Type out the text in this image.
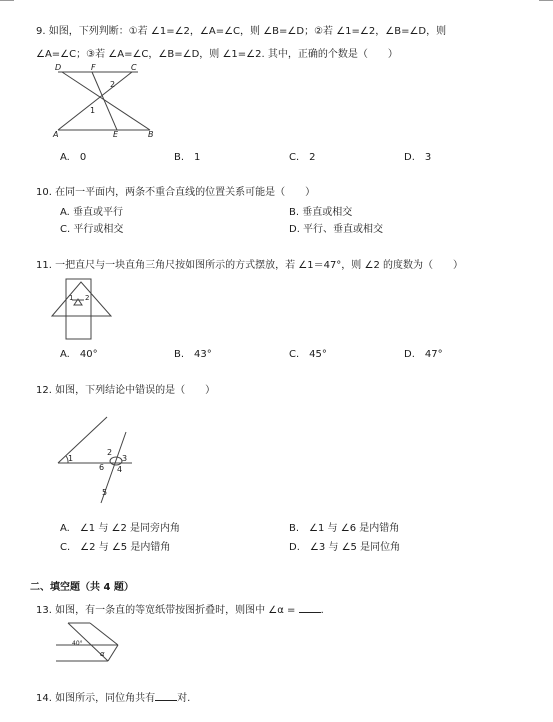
9. 如图，下列判断：①若 ∠1=∠2，∠A=∠C，则 ∠B=∠D；②若 ∠1=∠2，∠B=∠D，则
∠A=∠C；③若 ∠A=∠C，∠B=∠D，则 ∠1=∠2. 其中，正确的个数是（　　）
D	F	C
A	E	B
1
2
A.　0	B.　1	C.　2	D.　3
10. 在同一平面内，两条不重合直线的位置关系可能是（　　）
A. 垂直或平行	B. 垂直或相交
C. 平行或相交	D. 平行、垂直或相交
11. 一把直尺与一块直角三角尺按如图所示的方式摆放，若 ∠1＝47°，则 ∠2 的度数为（　　）
1 2
A.　40°	B.　43°	C.　45°	D.　47°
12. 如图，下列结论中错误的是（　　）
1
2
3
4
5
6
A.　∠1 与 ∠2 是同旁内角	B.　∠1 与 ∠6 是内错角
C.　∠2 与 ∠5 是内错角	D.　∠3 与 ∠5 是同位角
二、填空题（共 4 题）
13. 如图，有一条直的等宽纸带按图折叠时，则图中 ∠α =	.
40°
α
14. 如图所示，同位角共有 对.
